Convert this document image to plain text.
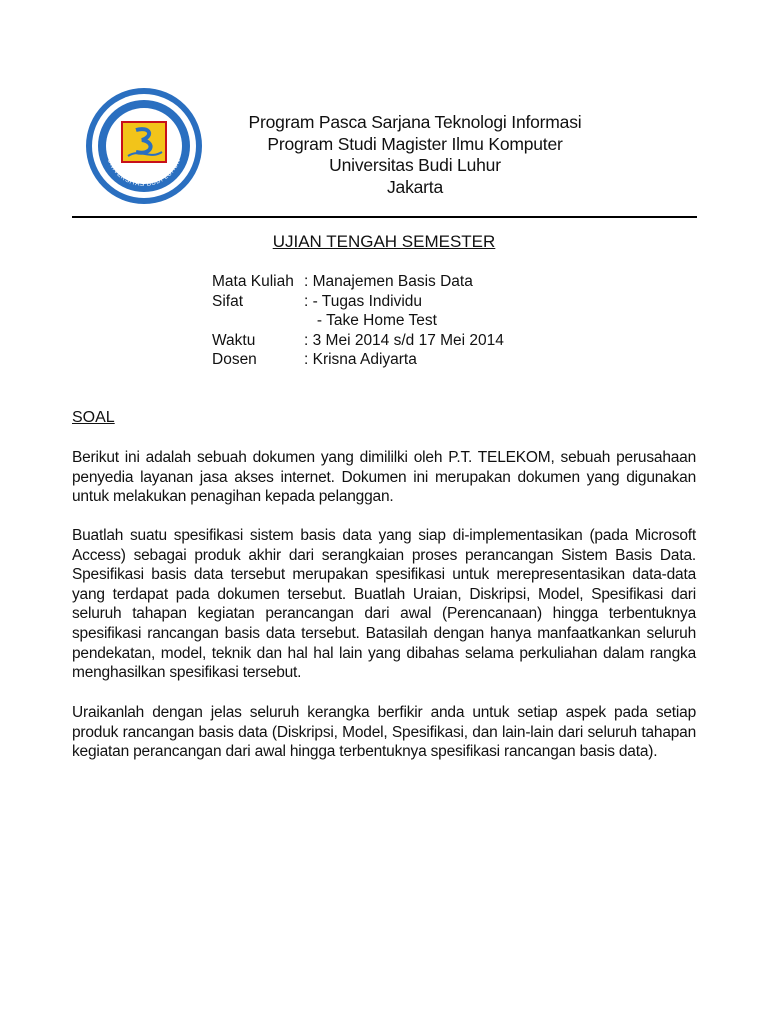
UNIVERSITAS BUDI LUHUR
Program Pasca Sarjana Teknologi Informasi
Program Studi Magister Ilmu Komputer
Universitas Budi Luhur
Jakarta
UJIAN TENGAH SEMESTER
Mata Kuliah : Manajemen Basis Data
Sifat	: - Tugas Individu
- Take Home Test
Waktu	: 3 Mei 2014 s/d 17 Mei 2014
Dosen	: Krisna Adiyarta
SOAL
Berikut ini adalah sebuah dokumen yang dimililki oleh P.T. TELEKOM, sebuah perusahaan penyedia layanan jasa akses internet. Dokumen ini merupakan dokumen yang digunakan untuk melakukan penagihan kepada pelanggan.
Buatlah suatu spesifikasi sistem basis data yang siap di-implementasikan (pada Microsoft Access) sebagai produk akhir dari serangkaian proses perancangan Sistem Basis Data. Spesifikasi basis data tersebut merupakan spesifikasi untuk merepresentasikan data-data yang terdapat pada dokumen tersebut. Buatlah Uraian, Diskripsi, Model, Spesifikasi dari seluruh tahapan kegiatan perancangan dari awal (Perencanaan) hingga terbentuknya spesifikasi rancangan basis data tersebut. Batasilah dengan hanya manfaatkankan seluruh pendekatan, model, teknik dan hal hal lain yang dibahas selama perkuliahan dalam rangka menghasilkan spesifikasi tersebut.
Uraikanlah dengan jelas seluruh kerangka berfikir anda untuk setiap aspek pada setiap produk rancangan basis data (Diskripsi, Model, Spesifikasi, dan lain-lain dari seluruh tahapan kegiatan perancangan dari awal hingga terbentuknya spesifikasi rancangan basis data).
